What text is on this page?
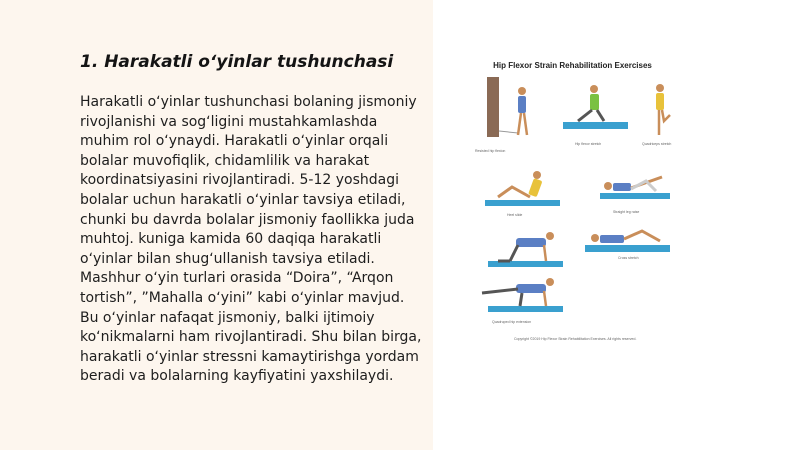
1. Harakatli oʻyinlar tushunchasi

Harakatli oʻyinlar tushunchasi bolaning jismoniy rivojlanishi va sogʻligini mustahkamlashda muhim rol oʻynaydi. Harakatli oʻyinlar orqali bolalar muvofiqlik, chidamlilik va harakat koordinatsiyasini rivojlantiradi. 5-12 yoshdagi bolalar uchun harakatli oʻyinlar tavsiya etiladi, chunki bu davrda bolalar jismoniy faollikka juda muhtoj. kuniga kamida 60 daqiqa harakatli oʻyinlar bilan shugʻullanish tavsiya etiladi. Mashhur oʻyin turlari orasida “Doira”, “Arqon tortish”, ”Mahalla oʻyini” kabi oʻyinlar mavjud. Bu oʻyinlar nafaqat jismoniy, balki ijtimoiy koʻnikmalarni ham rivojlantiradi. Shu bilan birga, harakatli oʻyinlar stressni kamaytirishga yordam beradi va bolalarning kayfiyatini yaxshilaydi.

Hip Flexor Strain Rehabilitation Exercises
Resisted hip flexion
Hip flexor stretch	Quadriceps stretch
Heel slide
Straight leg raise
Quadruped hip extension
Cross stretch
Copyright ©2019 Hip Flexor Strain Rehabilitation Exercises. All rights reserved.
